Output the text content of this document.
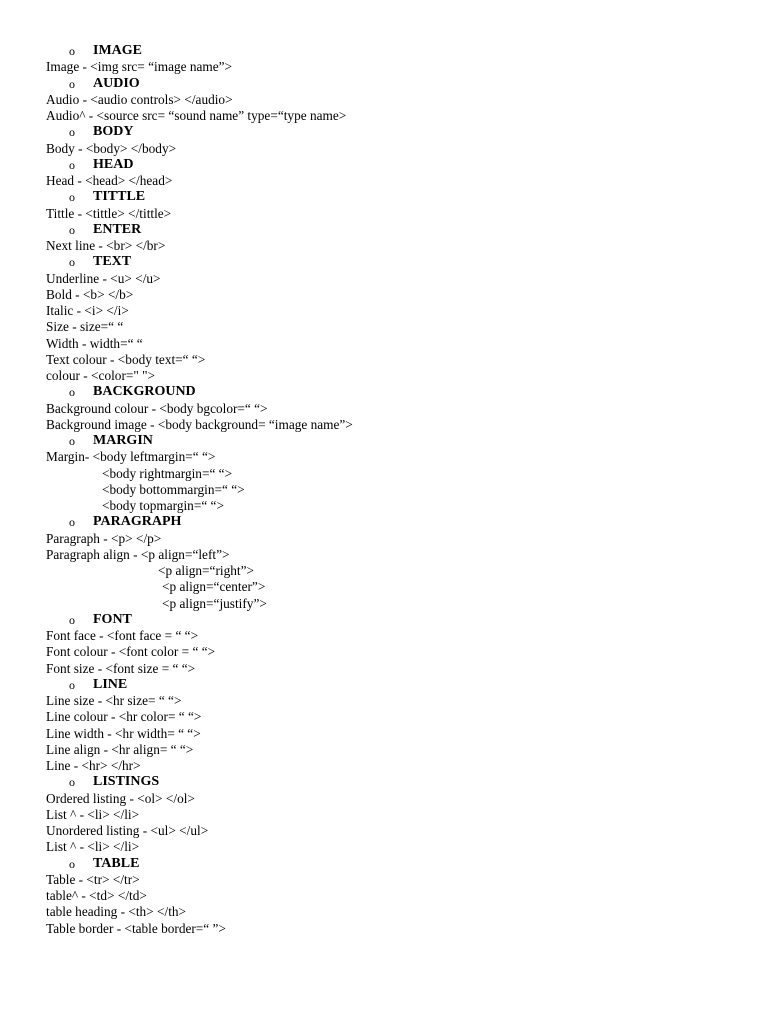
o IMAGE
Image - <img src= “image name”>
o AUDIO
Audio - <audio controls> </audio>
Audio^ - <source src= “sound name” type=“type name>
o BODY
Body - <body> </body>
o HEAD
Head - <head> </head>
o TITTLE
Tittle - <tittle> </tittle>
o ENTER
Next line - <br> </br>
o TEXT
Underline - <u> </u>
Bold - <b> </b>
Italic - <i> </i>
Size - size=“ “
Width - width=“ “
Text colour - <body text=“ “>
colour - <color=" ">
o BACKGROUND
Background colour - <body bgcolor=“ “>
Background image - <body background= “image name”>
o MARGIN
Margin- <body leftmargin=“ “>
<body rightmargin=“ “>
<body bottommargin=“ “>
<body topmargin=“ “>
o PARAGRAPH
Paragraph - <p> </p>
Paragraph align - <p align=“left”>
<p align=“right”>
<p align=“center”>
<p align=“justify”>
o FONT
Font face - <font face = “ “>
Font colour - <font color = “ “>
Font size - <font size = “ “>
o LINE
Line size - <hr size= “ “>
Line colour - <hr color= “ “>
Line width - <hr width= “ “>
Line align - <hr align= “ “>
Line - <hr> </hr>
o LISTINGS
Ordered listing - <ol> </ol>
List ^ - <li> </li>
Unordered listing - <ul> </ul>
List ^ - <li> </li>
o TABLE
Table - <tr> </tr>
table^ - <td> </td>
table heading - <th> </th>
Table border - <table border=“ ”>
